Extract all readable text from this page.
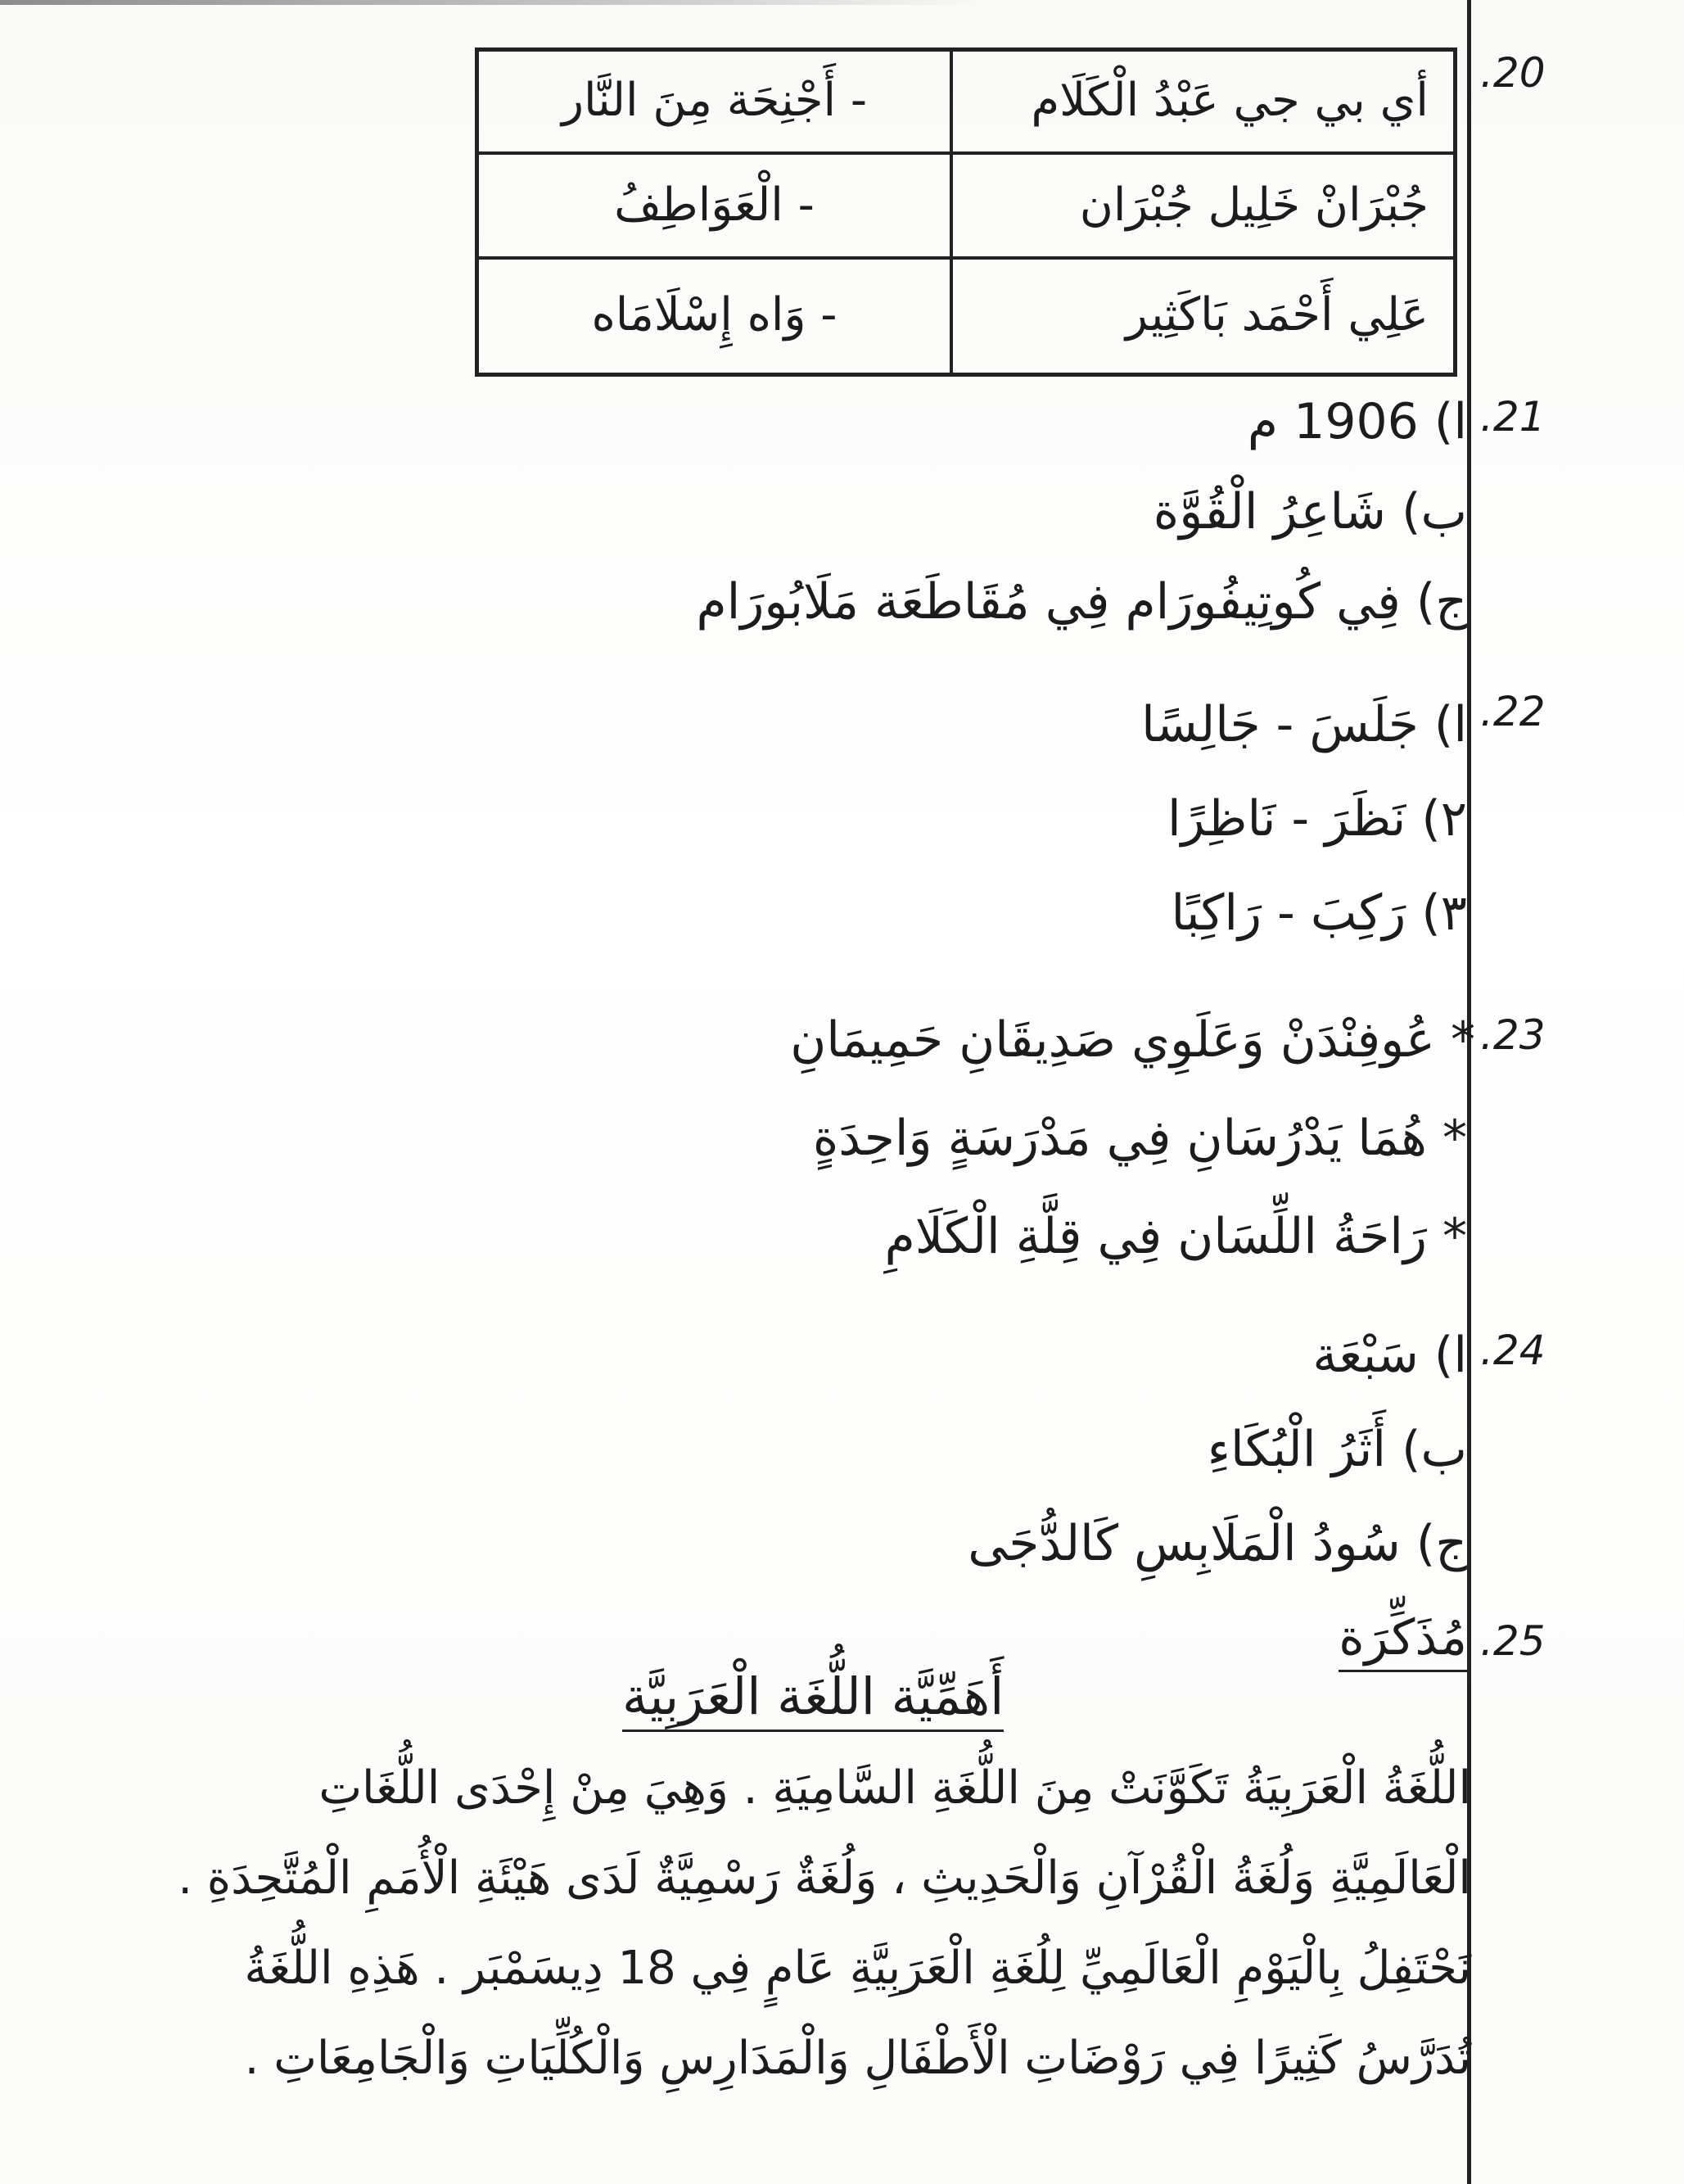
.20
أي بي جي عَبْدُ الْكَلَام
- أَجْنِحَة مِنَ النَّار
جُبْرَانْ خَلِيل جُبْرَان
- الْعَوَاطِفُ
عَلِي أَحْمَد بَاكَثِير
- وَاه إِسْلَامَاه
.21
ا) 1906 م
ب) شَاعِرُ الْقُوَّة
ج) فِي كُوتِيفُورَام فِي مُقَاطَعَة مَلَابُورَام
.22
ا) جَلَسَ - جَالِسًا
٢) نَظَرَ - نَاظِرًا
٣) رَكِبَ - رَاكِبًا
.23
* عُوفِنْدَنْ وَعَلَوِي صَدِيقَانِ حَمِيمَانِ
* هُمَا يَدْرُسَانِ فِي مَدْرَسَةٍ وَاحِدَةٍ
* رَاحَةُ اللِّسَان فِي قِلَّةِ الْكَلَامِ
.24
ا) سَبْعَة
ب) أَثَرُ الْبُكَاءِ
ج) سُودُ الْمَلَابِسِ كَالدُّجَى
.25
مُذَكِّرَة
أَهَمِّيَّة اللُّغَة الْعَرَبِيَّة
اللُّغَةُ الْعَرَبِيَةُ تَكَوَّنَتْ مِنَ اللُّغَةِ السَّامِيَةِ . وَهِيَ مِنْ إِحْدَى اللُّغَاتِ
الْعَالَمِيَّةِ وَلُغَةُ الْقُرْآنِ وَالْحَدِيثِ ، وَلُغَةٌ رَسْمِيَّةٌ لَدَى هَيْئَةِ الْأُمَمِ الْمُتَّحِدَةِ .
نَحْتَفِلُ بِالْيَوْمِ الْعَالَمِيِّ لِلُغَةِ الْعَرَبِيَّةِ عَامٍ فِي 18 دِيسَمْبَر . هَذِهِ اللُّغَةُ
تُدَرَّسُ كَثِيرًا فِي رَوْضَاتِ الْأَطْفَالِ وَالْمَدَارِسِ وَالْكُلِّيَاتِ وَالْجَامِعَاتِ .
